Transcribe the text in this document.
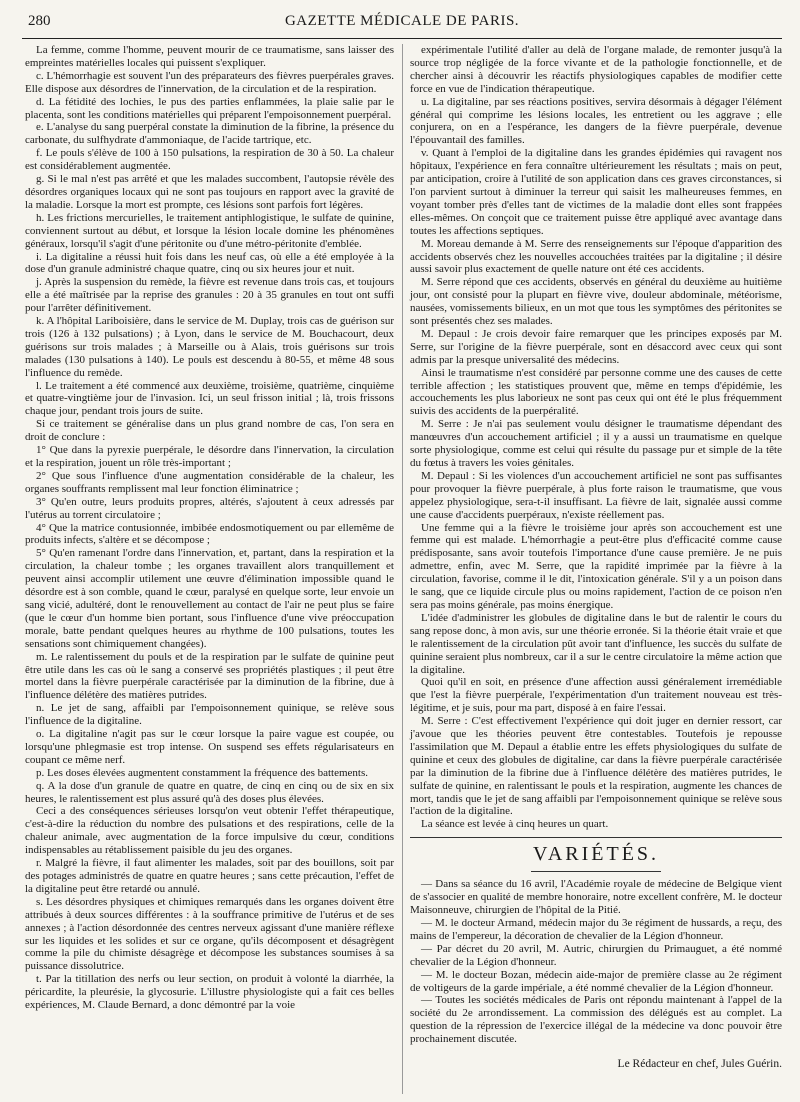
GAZETTE MÉDICALE DE PARIS.
280

La femme, comme l'homme, peuvent mourir de ce traumatisme, sans laisser des empreintes matérielles locales qui puissent s'expliquer.

c. L'hémorrhagie est souvent l'un des préparateurs des fièvres puerpérales graves. Elle dispose aux désordres de l'innervation, de la circulation et de la respiration.

d. La fétidité des lochies, le pus des parties enflammées, la plaie salie par le placenta, sont les conditions matérielles qui préparent l'empoisonnement puerpéral.

e. L'analyse du sang puerpéral constate la diminution de la fibrine, la présence du carbonate, du sulfhydrate d'ammoniaque, de l'acide tartrique, etc.

f. Le pouls s'élève de 100 à 150 pulsations, la respiration de 30 à 50. La chaleur est considérablement augmentée.

g. Si le mal n'est pas arrêté et que les malades succombent, l'autopsie révèle des désordres organiques locaux qui ne sont pas toujours en rapport avec la gravité de la maladie. Lorsque la mort est prompte, ces lésions sont parfois fort légères.

h. Les frictions mercurielles, le traitement antiphlogistique, le sulfate de quinine, conviennent surtout au début, et lorsque la lésion locale domine les phénomènes généraux, lorsqu'il s'agit d'une péritonite ou d'une métro-péritonite d'emblée.

i. La digitaline a réussi huit fois dans les neuf cas, où elle a été employée à la dose d'un granule administré chaque quatre, cinq ou six heures jour et nuit.

j. Après la suspension du remède, la fièvre est revenue dans trois cas, et toujours elle a été maîtrisée par la reprise des granules : 20 à 35 granules en tout ont suffi pour l'arrêter définitivement.

k. A l'hôpital Lariboisière, dans le service de M. Duplay, trois cas de guérison sur trois (126 à 132 pulsations) ; à Lyon, dans le service de M. Bouchacourt, deux guérisons sur trois malades ; à Marseille ou à Alais, trois guérisons sur trois malades (130 pulsations à 140). Le pouls est descendu à 80-55, et même 48 sous l'influence du remède.

l. Le traitement a été commencé aux deuxième, troisième, quatrième, cinquième et quatre-vingtième jour de l'invasion. Ici, un seul frisson initial ; là, trois frissons chaque jour, pendant trois jours de suite.

Si ce traitement se généralise dans un plus grand nombre de cas, l'on sera en droit de conclure :

1° Que dans la pyrexie puerpérale, le désordre dans l'innervation, la circulation et la respiration, jouent un rôle très-important ;

2° Que sous l'influence d'une augmentation considérable de la chaleur, les organes souffrants remplissent mal leur fonction éliminatrice ;

3° Qu'en outre, leurs produits propres, altérés, s'ajoutent à ceux adressés par l'utérus au torrent circulatoire ;

4° Que la matrice contusionnée, imbibée endosmotiquement ou par ellemême de produits infects, s'altère et se décompose ;

5° Qu'en ramenant l'ordre dans l'innervation, et, partant, dans la respiration et la circulation, la chaleur tombe ; les organes travaillent alors tranquillement et peuvent ainsi accomplir utilement une œuvre d'élimination impossible quand le désordre est à son comble, quand le cœur, paralysé en quelque sorte, leur envoie un sang vicié, adultéré, dont le renouvellement au contact de l'air ne peut plus se faire (que le cœur d'un homme bien portant, sous l'influence d'une vive préoccupation morale, batte pendant quelques heures au rhythme de 100 pulsations, toutes les sensations sont chimiquement changées).

m. Le ralentissement du pouls et de la respiration par le sulfate de quinine peut être utile dans les cas où le sang a conservé ses propriétés plastiques ; il peut être mortel dans la fièvre puerpérale caractérisée par la diminution de la fibrine, due à l'influence délétère des matières putrides.

n. Le jet de sang, affaibli par l'empoisonnement quinique, se relève sous l'influence de la digitaline.

o. La digitaline n'agit pas sur le cœur lorsque la paire vague est coupée, ou lorsqu'une phlegmasie est trop intense. On suspend ses effets régularisateurs en coupant ce même nerf.

p. Les doses élevées augmentent constamment la fréquence des battements.

q. A la dose d'un granule de quatre en quatre, de cinq en cinq ou de six en six heures, le ralentissement est plus assuré qu'à des doses plus élevées.

Ceci a des conséquences sérieuses lorsqu'on veut obtenir l'effet thérapeutique, c'est-à-dire la réduction du nombre des pulsations et des respirations, celle de la chaleur animale, avec augmentation de la force impulsive du cœur, conditions indispensables au rétablissement paisible du jeu des organes.

r. Malgré la fièvre, il faut alimenter les malades, soit par des bouillons, soit par des potages administrés de quatre en quatre heures ; sans cette précaution, l'effet de la digitaline peut être retardé ou annulé.

s. Les désordres physiques et chimiques remarqués dans les organes doivent être attribués à deux sources différentes : à la souffrance primitive de l'utérus et de ses annexes ; à l'action désordonnée des centres nerveux agissant d'une manière réflexe sur les liquides et les solides et sur ce organe, qu'ils décomposent et désagrègent comme la pile du chimiste désagrège et décompose les substances soumises à sa puissance dissolutrice.

t. Par la titillation des nerfs ou leur section, on produit à volonté la diarrhée, la péricardite, la pleurésie, la glycosurie. L'illustre physiologiste qui a fait ces belles expériences, M. Claude Bernard, a donc démontré par la voie

expérimentale l'utilité d'aller au delà de l'organe malade, de remonter jusqu'à la source trop négligée de la force vivante et de la pathologie fonctionnelle, et de chercher ainsi à découvrir les réactifs physiologiques capables de modifier cette force en vue de l'indication thérapeutique.

u. La digitaline, par ses réactions positives, servira désormais à dégager l'élément général qui comprime les lésions locales, les entretient ou les aggrave ; elle conjurera, on en a l'espérance, les dangers de la fièvre puerpérale, devenue l'épouvantail des familles.

v. Quant à l'emploi de la digitaline dans les grandes épidémies qui ravagent nos hôpitaux, l'expérience en fera connaître ultérieurement les résultats ; mais on peut, par anticipation, croire à l'utilité de son application dans ces graves circonstances, si l'on parvient surtout à diminuer la terreur qui saisit les malheureuses femmes, en voyant tomber près d'elles tant de victimes de la maladie dont elles sont frappées elles-mêmes. On conçoit que ce traitement puisse être appliqué avec avantage dans toutes les affections septiques.

M. Moreau demande à M. Serre des renseignements sur l'époque d'apparition des accidents observés chez les nouvelles accouchées traitées par la digitaline ; il désire aussi savoir plus exactement de quelle nature ont été ces accidents.

M. Serre répond que ces accidents, observés en général du deuxième au huitième jour, ont consisté pour la plupart en fièvre vive, douleur abdominale, météorisme, nausées, vomissements bilieux, en un mot que tous les symptômes des péritonites se sont présentés chez ses malades.

M. Depaul : Je crois devoir faire remarquer que les principes exposés par M. Serre, sur l'origine de la fièvre puerpérale, sont en désaccord avec ceux qui sont admis par la presque universalité des médecins.

Ainsi le traumatisme n'est considéré par personne comme une des causes de cette terrible affection ; les statistiques prouvent que, même en temps d'épidémie, les accouchements les plus laborieux ne sont pas ceux qui ont été le plus fréquemment suivis des accidents de la puerpéralité.

M. Serre : Je n'ai pas seulement voulu désigner le traumatisme dépendant des manœuvres d'un accouchement artificiel ; il y a aussi un traumatisme en quelque sorte physiologique, comme est celui qui résulte du passage pur et simple de la tête du fœtus à travers les voies génitales.

M. Depaul : Si les violences d'un accouchement artificiel ne sont pas suffisantes pour provoquer la fièvre puerpérale, à plus forte raison le traumatisme, que vous appelez physiologique, sera-t-il insuffisant. La fièvre de lait, signalée aussi comme une cause d'accidents puerpéraux, n'existe réellement pas.

Une femme qui a la fièvre le troisième jour après son accouchement est une femme qui est malade. L'hémorrhagie a peut-être plus d'efficacité comme cause prédisposante, sans avoir toutefois l'importance d'une cause première. Je ne puis admettre, enfin, avec M. Serre, que la rapidité imprimée par la fièvre à la circulation, favorise, comme il le dit, l'intoxication générale. S'il y a un poison dans le sang, que ce liquide circule plus ou moins rapidement, l'action de ce poison n'en sera pas moins générale, pas moins énergique.

L'idée d'administrer les globules de digitaline dans le but de ralentir le cours du sang repose donc, à mon avis, sur une théorie erronée. Si la théorie était vraie et que le ralentissement de la circulation pût avoir tant d'influence, les succès du sulfate de quinine seraient plus nombreux, car il a sur le centre circulatoire la même action que la digitaline.

Quoi qu'il en soit, en présence d'une affection aussi généralement irremédiable que l'est la fièvre puerpérale, l'expérimentation d'un traitement nouveau est très-légitime, et je suis, pour ma part, disposé à en faire l'essai.

M. Serre : C'est effectivement l'expérience qui doit juger en dernier ressort, car j'avoue que les théories peuvent être contestables. Toutefois je repousse l'assimilation que M. Depaul a établie entre les effets physiologiques du sulfate de quinine et ceux des globules de digitaline, car dans la fièvre puerpérale caractérisée par la diminution de la fibrine due à l'influence délétère des matières putrides, le sulfate de quinine, en ralentissant le pouls et la respiration, augmente les chances de mort, tandis que le jet de sang affaibli par l'empoisonnement quinique se relève sous l'action de la digitaline.

La séance est levée à cinq heures un quart.

VARIÉTÉS.

— Dans sa séance du 16 avril, l'Académie royale de médecine de Belgique vient de s'associer en qualité de membre honoraire, notre excellent confrère, M. le docteur Maisonneuve, chirurgien de l'hôpital de la Pitié.

— M. le docteur Armand, médecin major du 3e régiment de hussards, a reçu, des mains de l'empereur, la décoration de chevalier de la Légion d'honneur.

— Par décret du 20 avril, M. Autric, chirurgien du Primauguet, a été nommé chevalier de la Légion d'honneur.

— M. le docteur Bozan, médecin aide-major de première classe au 2e régiment de voltigeurs de la garde impériale, a été nommé chevalier de la Légion d'honneur.

— Toutes les sociétés médicales de Paris ont répondu maintenant à l'appel de la société du 2e arrondissement. La commission des délégués est au complet. La question de la répression de l'exercice illégal de la médecine va donc pouvoir être prochainement discutée.

Le Rédacteur en chef, Jules Guérin.
